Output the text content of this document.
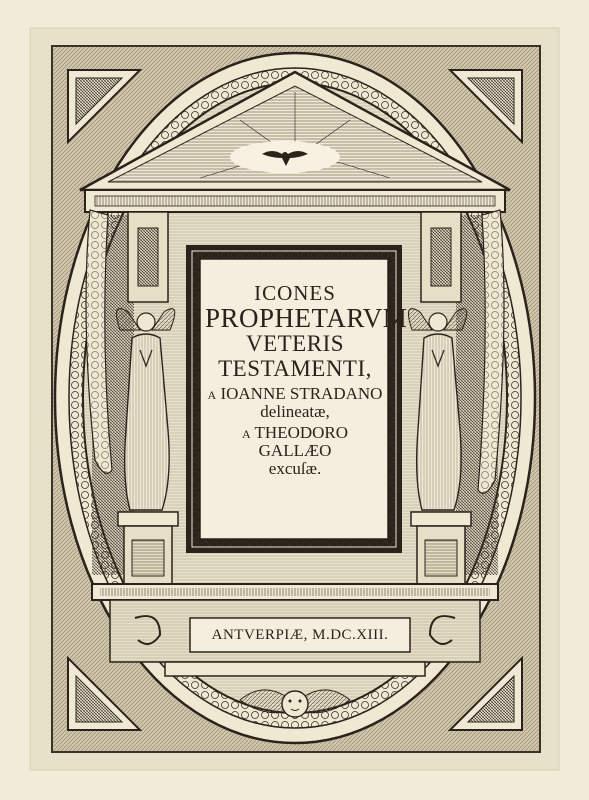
ICONES
PROPHETARVM
VETERIS
TESTAMENTI,
a IOANNE STRADANO
delineatæ,
a THEODORO GALLÆO
excuſæ.
ANTVERPIÆ, M.DC.XIII.
